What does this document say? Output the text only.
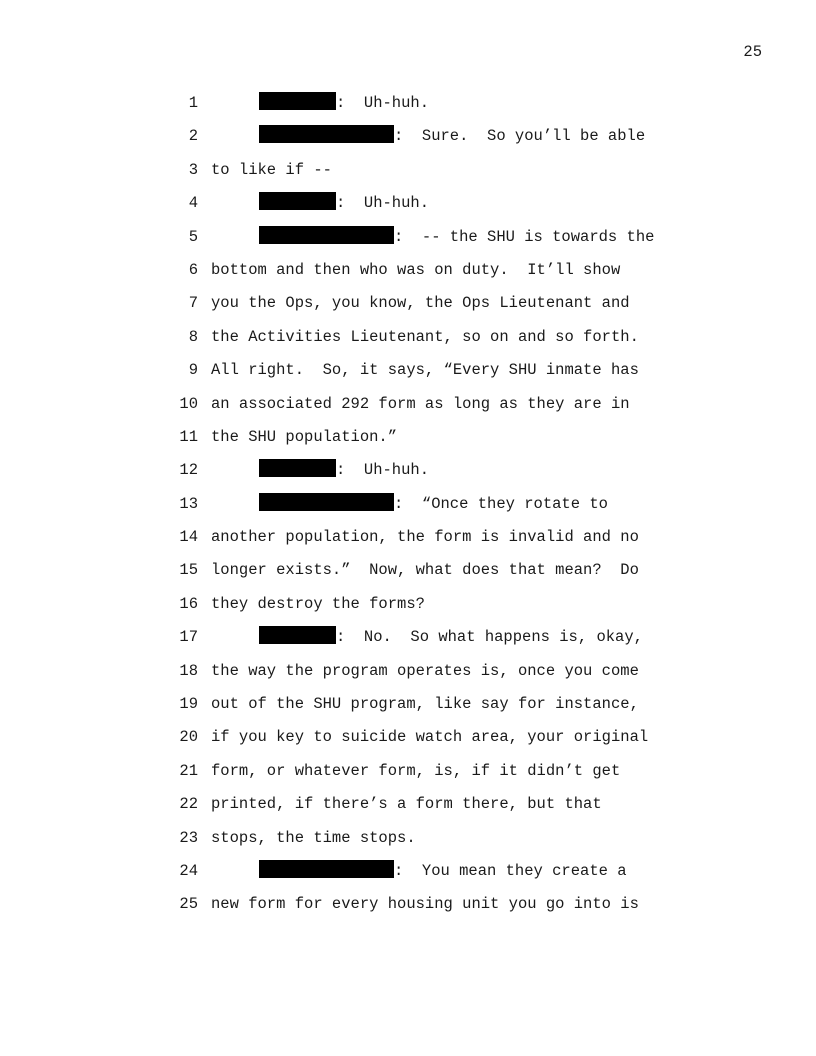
25
1	:  Uh-huh.
2	:  Sure.  So you’ll be able
3 to like if --
4	:  Uh-huh.
5	:  -- the SHU is towards the
6 bottom and then who was on duty.  It’ll show
7 you the Ops, you know, the Ops Lieutenant and
8 the Activities Lieutenant, so on and so forth.
9 All right.  So, it says, “Every SHU inmate has
10 an associated 292 form as long as they are in
11 the SHU population.”
12	:  Uh-huh.
13	:  “Once they rotate to
14 another population, the form is invalid and no
15 longer exists.”  Now, what does that mean?  Do
16 they destroy the forms?
17	:  No.  So what happens is, okay,
18 the way the program operates is, once you come
19 out of the SHU program, like say for instance,
20 if you key to suicide watch area, your original
21 form, or whatever form, is, if it didn’t get
22 printed, if there’s a form there, but that
23 stops, the time stops.
24	:  You mean they create a
25 new form for every housing unit you go into is
